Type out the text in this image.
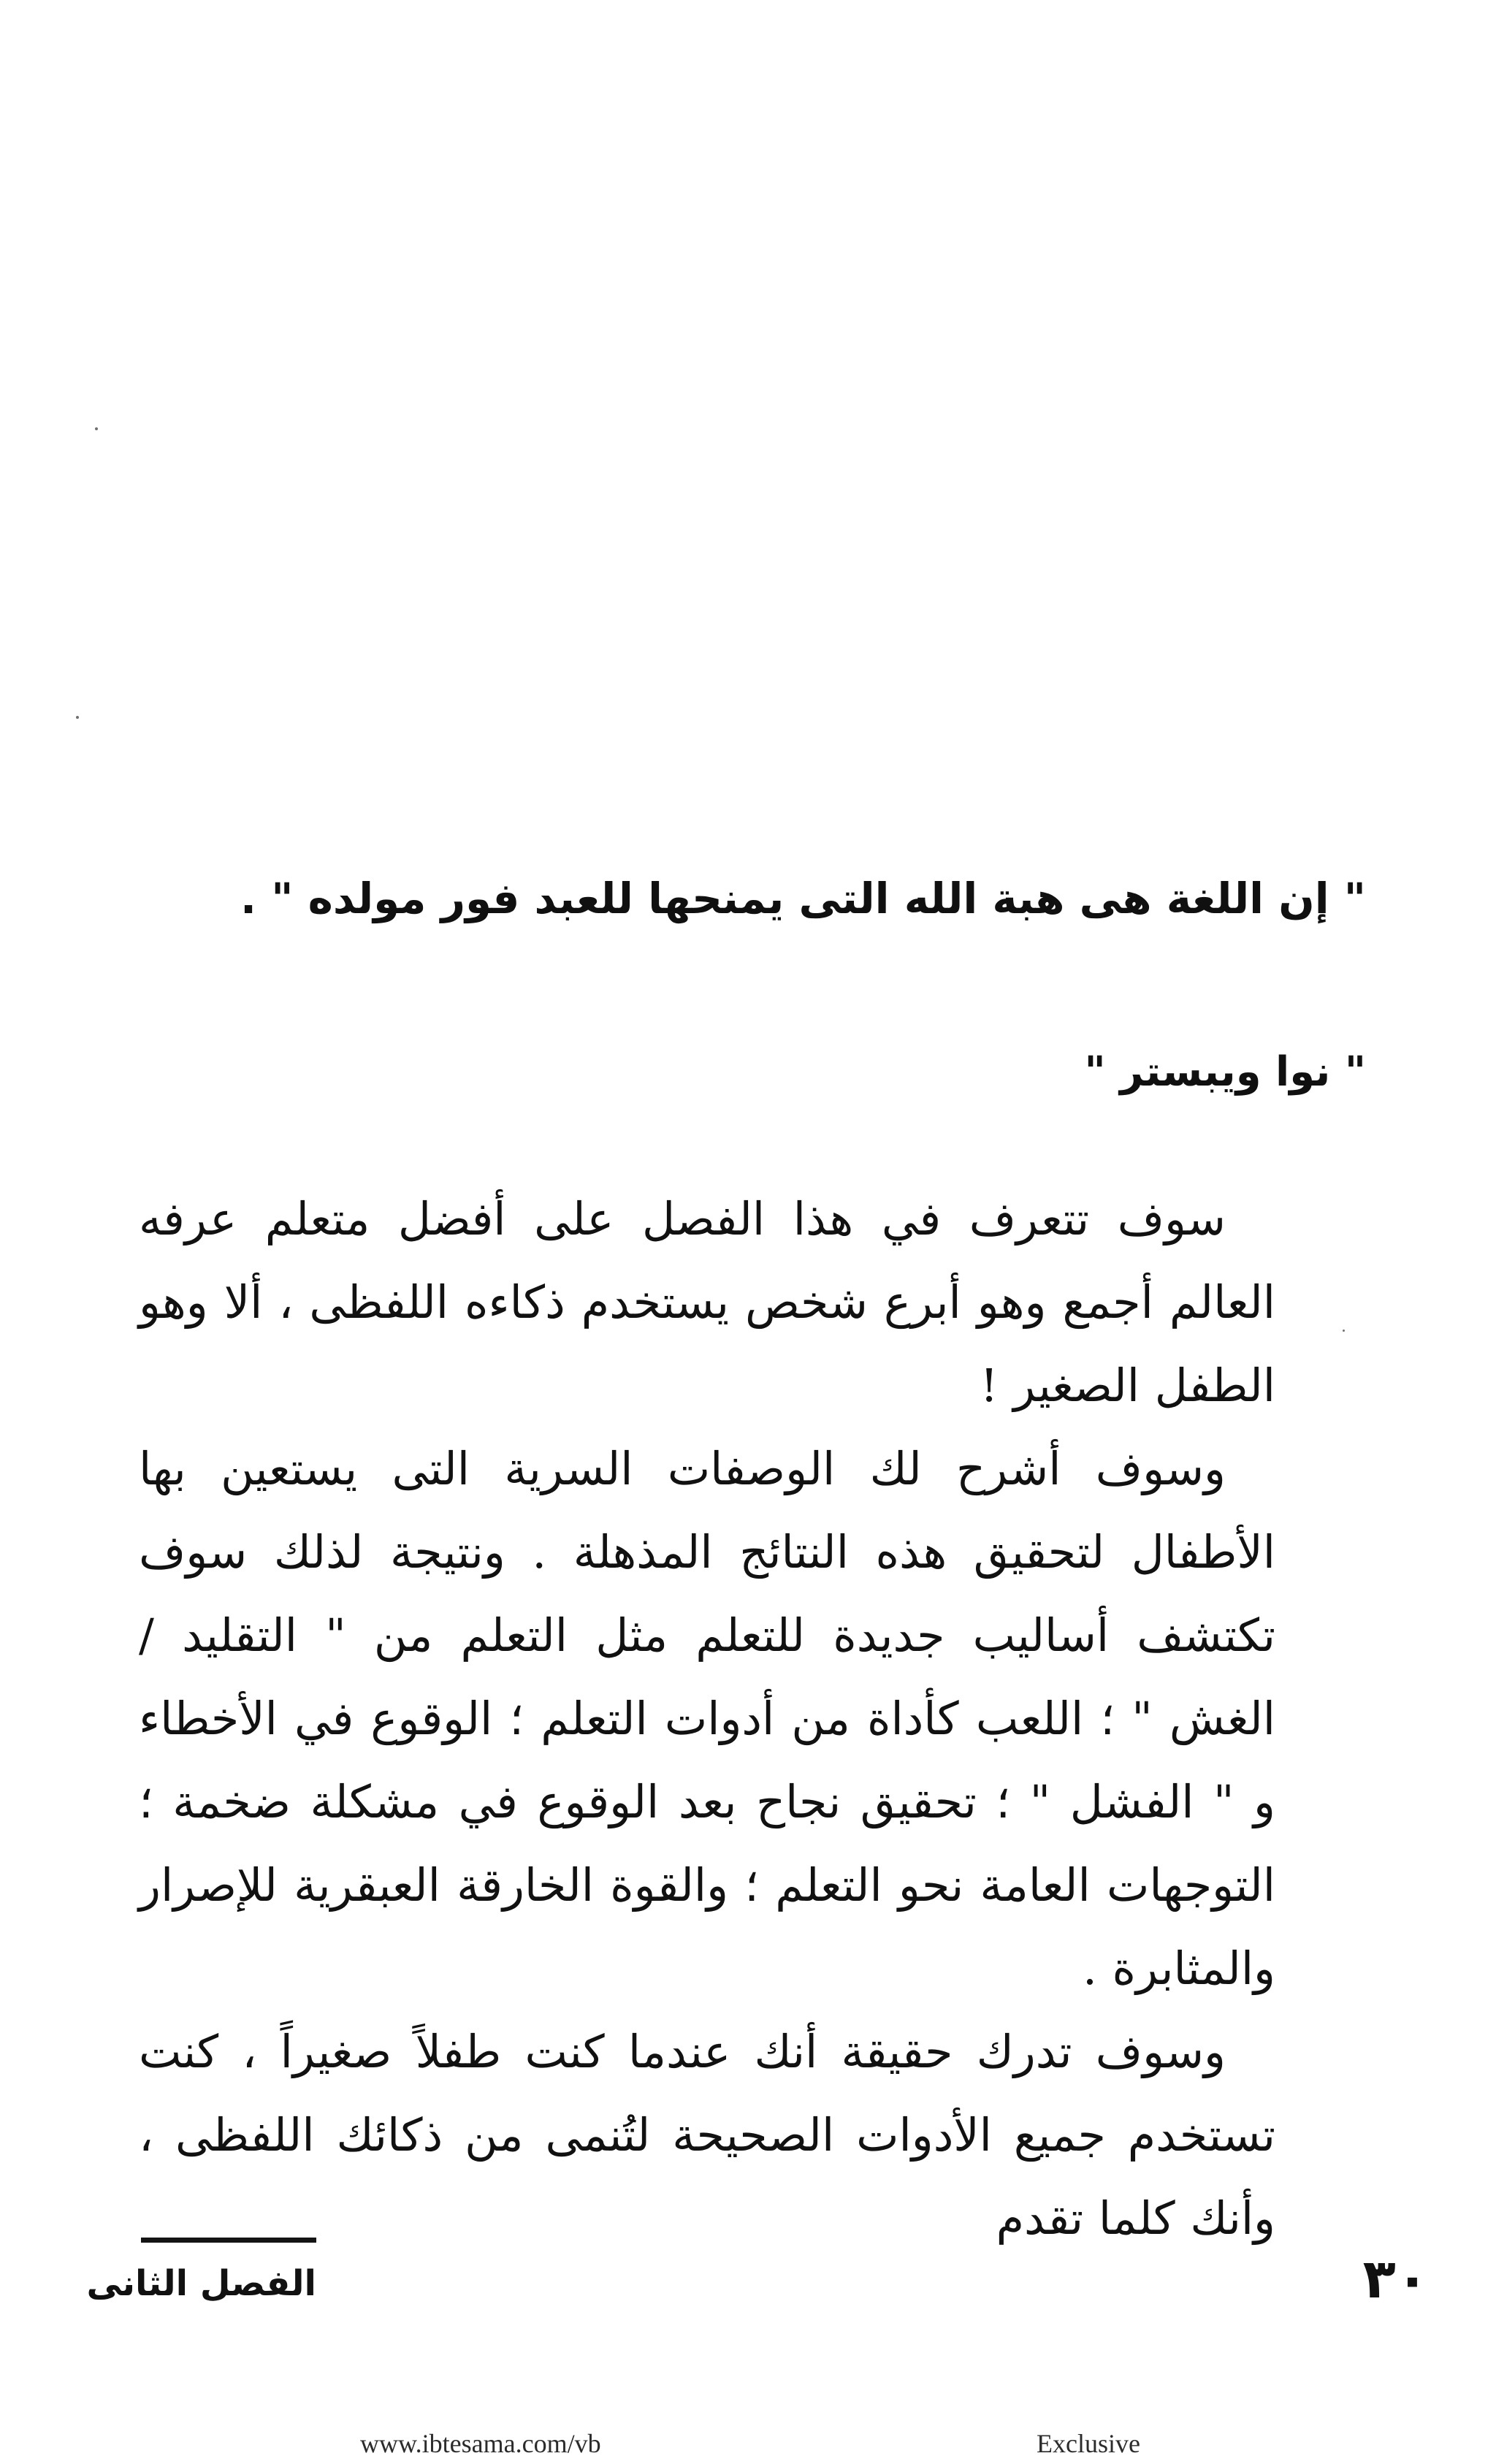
" إن اللغة هى هبة الله التى يمنحها للعبد فور مولده " .
" نوا ويبستر "

سوف تتعرف في هذا الفصل على أفضل متعلم عرفه العالم أجمع وهو أبرع شخص يستخدم ذكاءه اللفظى ، ألا وهو الطفل الصغير !

وسوف أشرح لك الوصفات السرية التى يستعين بها الأطفال لتحقيق هذه النتائج المذهلة . ونتيجة لذلك سوف تكتشف أساليب جديدة للتعلم مثل التعلم من " التقليد / الغش " ؛ اللعب كأداة من أدوات التعلم ؛ الوقوع في الأخطاء و " الفشل " ؛ تحقيق نجاح بعد الوقوع في مشكلة ضخمة ؛ التوجهات العامة نحو التعلم ؛ والقوة الخارقة العبقرية للإصرار والمثابرة .

وسوف تدرك حقيقة أنك عندما كنت طفلاً صغيراً ، كنت تستخدم جميع الأدوات الصحيحة لتُنمى من ذكائك اللفظى ، وأنك كلما تقدم

الفصل الثانى	٣٠
www.ibtesama.com/vb	Exclusive
